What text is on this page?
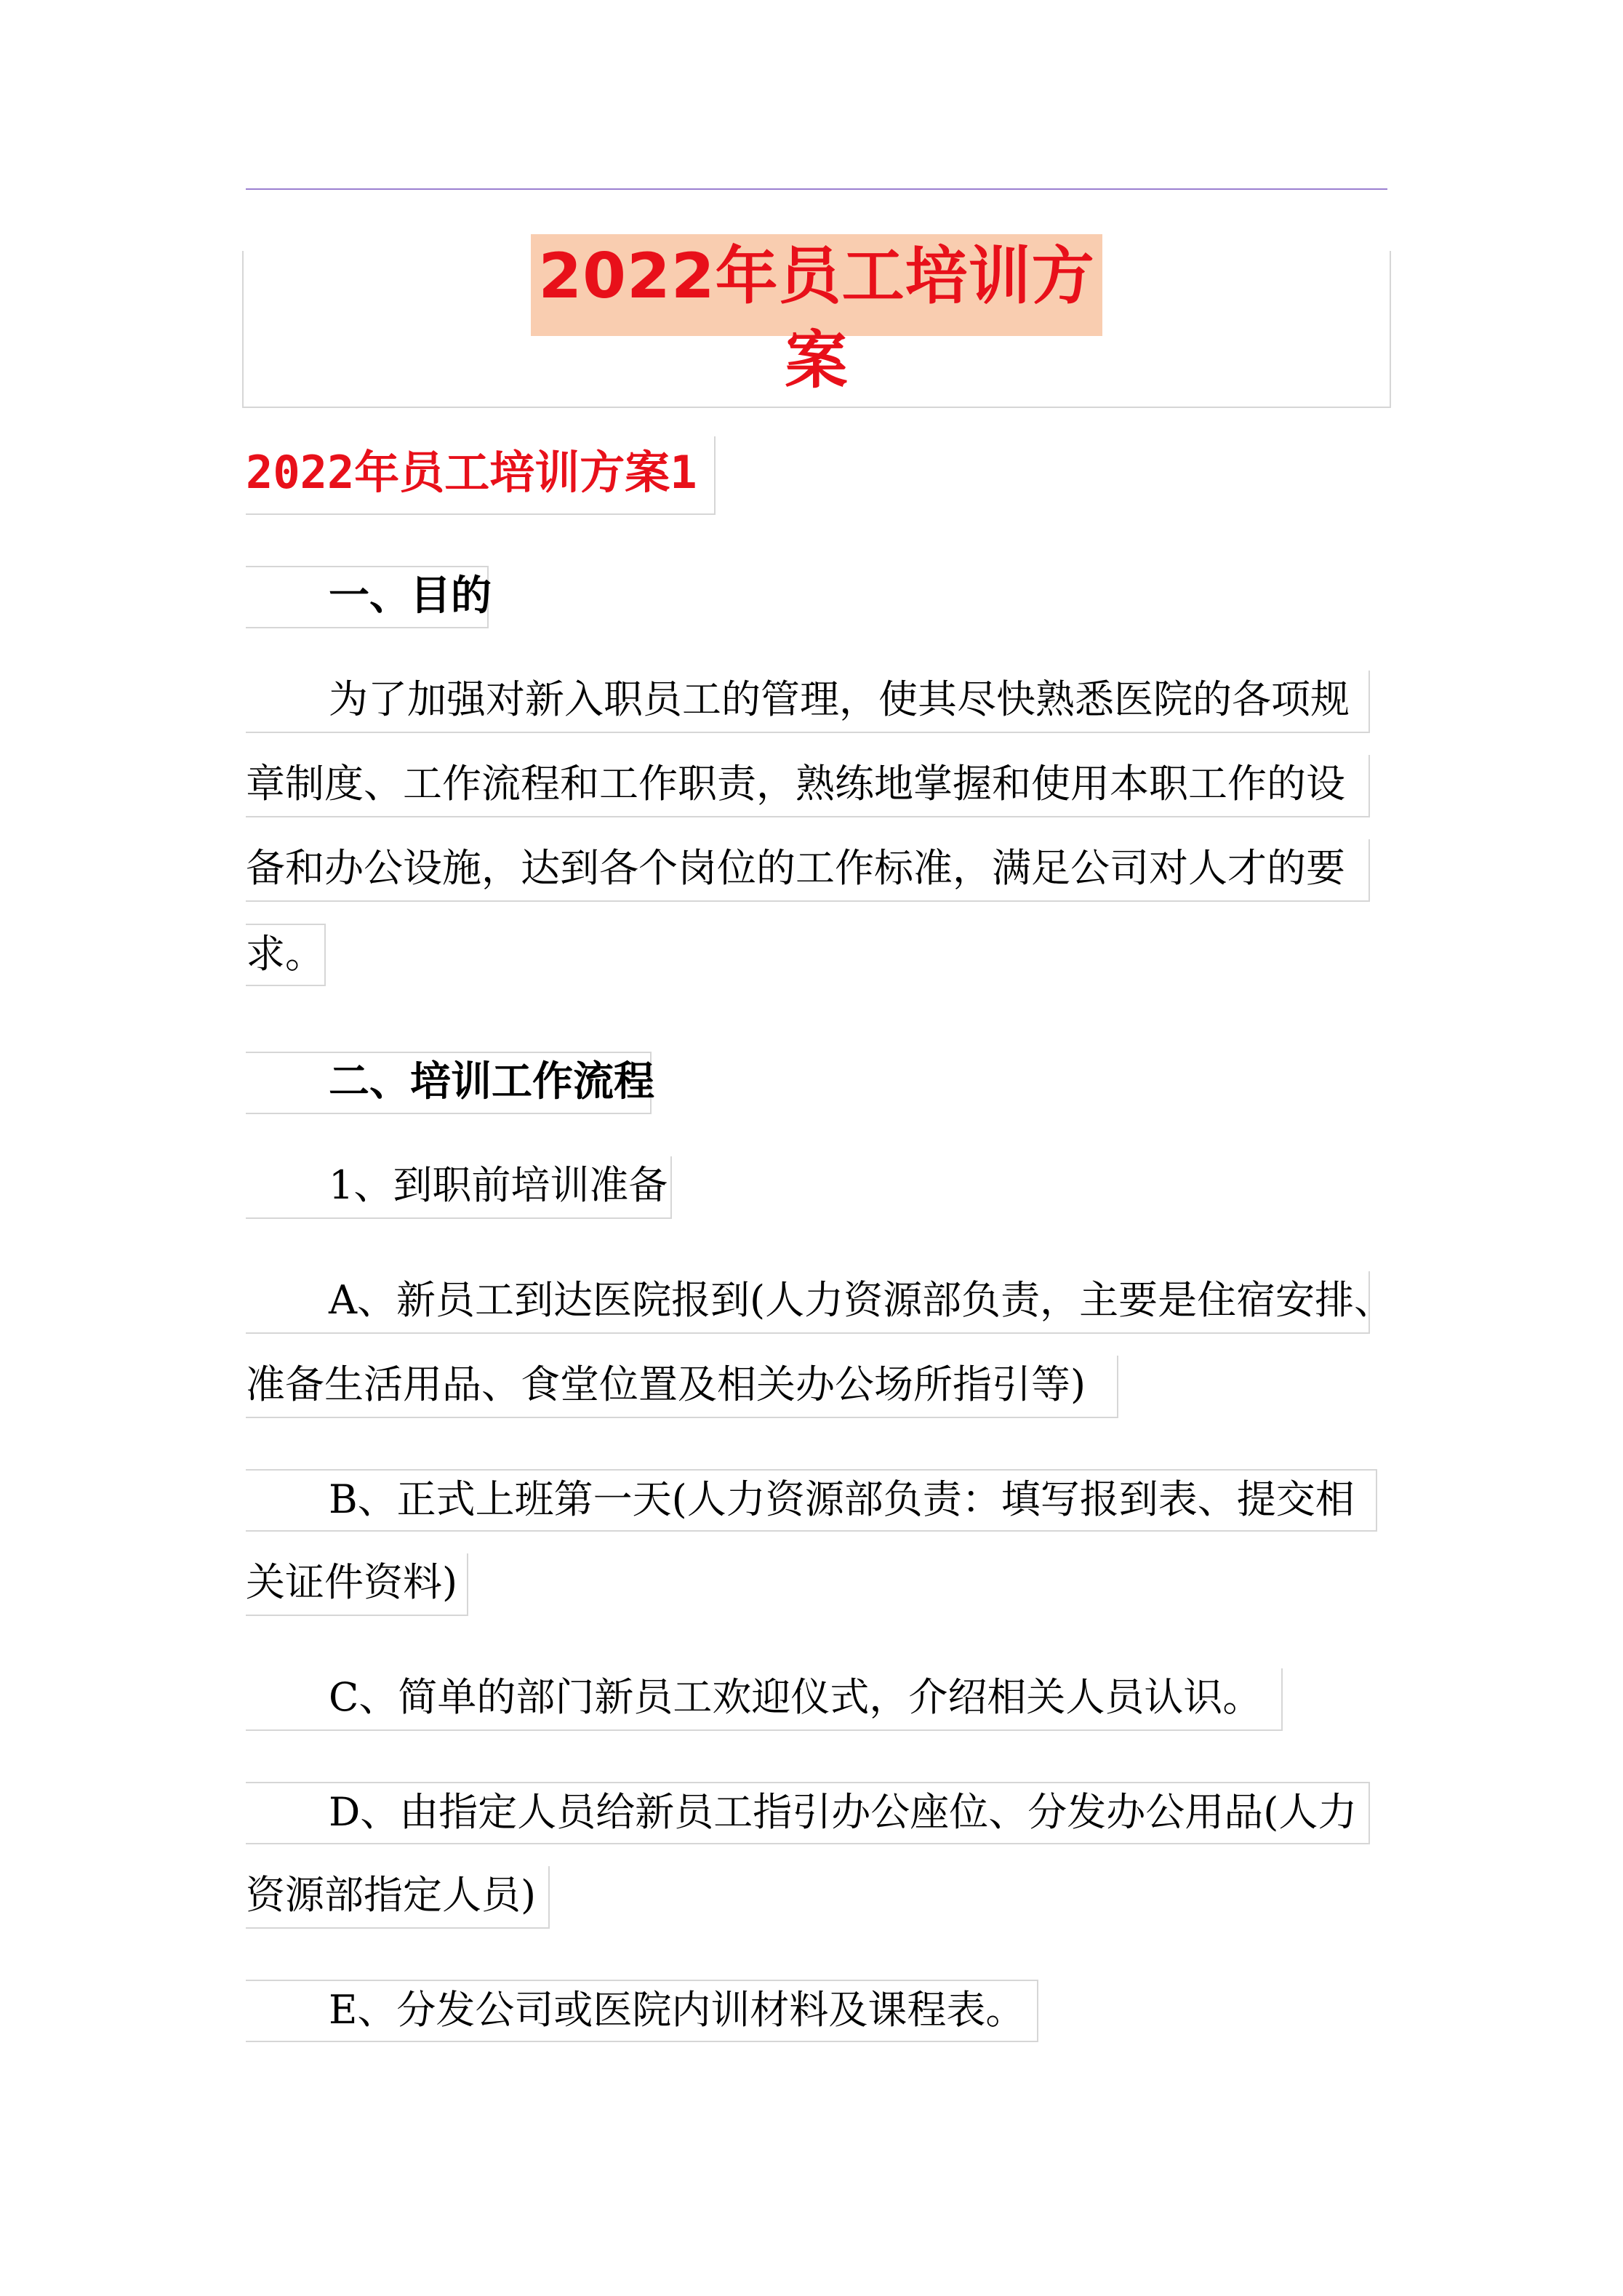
2022年员工培训方案
2022年员工培训方案1
一、目的
为了加强对新入职员工的管理，使其尽快熟悉医院的各项规
章制度、工作流程和工作职责，熟练地掌握和使用本职工作的设
备和办公设施，达到各个岗位的工作标准，满足公司对人才的要
求。
二、培训工作流程
1、到职前培训准备
A、新员工到达医院报到(人力资源部负责，主要是住宿安排、
准备生活用品、食堂位置及相关办公场所指引等)
B、正式上班第一天(人力资源部负责：填写报到表、提交相
关证件资料)
C、简单的部门新员工欢迎仪式，介绍相关人员认识。
D、由指定人员给新员工指引办公座位、分发办公用品(人力
资源部指定人员)
E、分发公司或医院内训材料及课程表。
